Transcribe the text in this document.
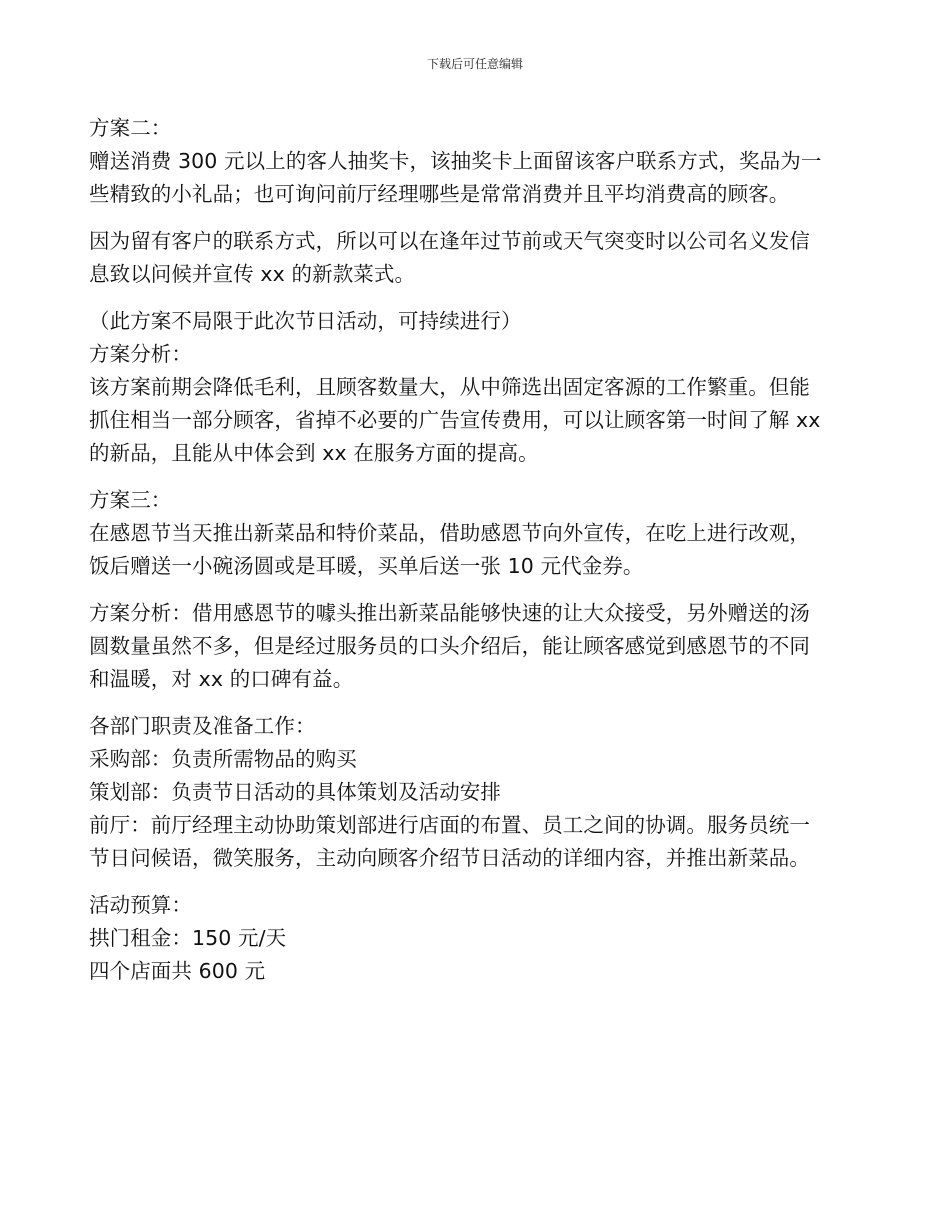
下载后可任意编辑
方案二：
赠送消费 300 元以上的客人抽奖卡，该抽奖卡上面留该客户联系方式，奖品为一
些精致的小礼品；也可询问前厅经理哪些是常常消费并且平均消费高的顾客。
因为留有客户的联系方式，所以可以在逢年过节前或天气突变时以公司名义发信
息致以问候并宣传 xx 的新款菜式。
（此方案不局限于此次节日活动，可持续进行）
方案分析：
该方案前期会降低毛利，且顾客数量大，从中筛选出固定客源的工作繁重。但能
抓住相当一部分顾客，省掉不必要的广告宣传费用，可以让顾客第一时间了解 xx
的新品，且能从中体会到 xx 在服务方面的提高。
方案三：
在感恩节当天推出新菜品和特价菜品，借助感恩节向外宣传，在吃上进行改观，
饭后赠送一小碗汤圆或是耳暖，买单后送一张 10 元代金券。
方案分析：借用感恩节的噱头推出新菜品能够快速的让大众接受，另外赠送的汤
圆数量虽然不多，但是经过服务员的口头介绍后，能让顾客感觉到感恩节的不同
和温暖，对 xx 的口碑有益。
各部门职责及准备工作：
采购部：负责所需物品的购买
策划部：负责节日活动的具体策划及活动安排
前厅：前厅经理主动协助策划部进行店面的布置、员工之间的协调。服务员统一
节日问候语，微笑服务，主动向顾客介绍节日活动的详细内容，并推出新菜品。
活动预算：
拱门租金：150 元/天
四个店面共 600 元
